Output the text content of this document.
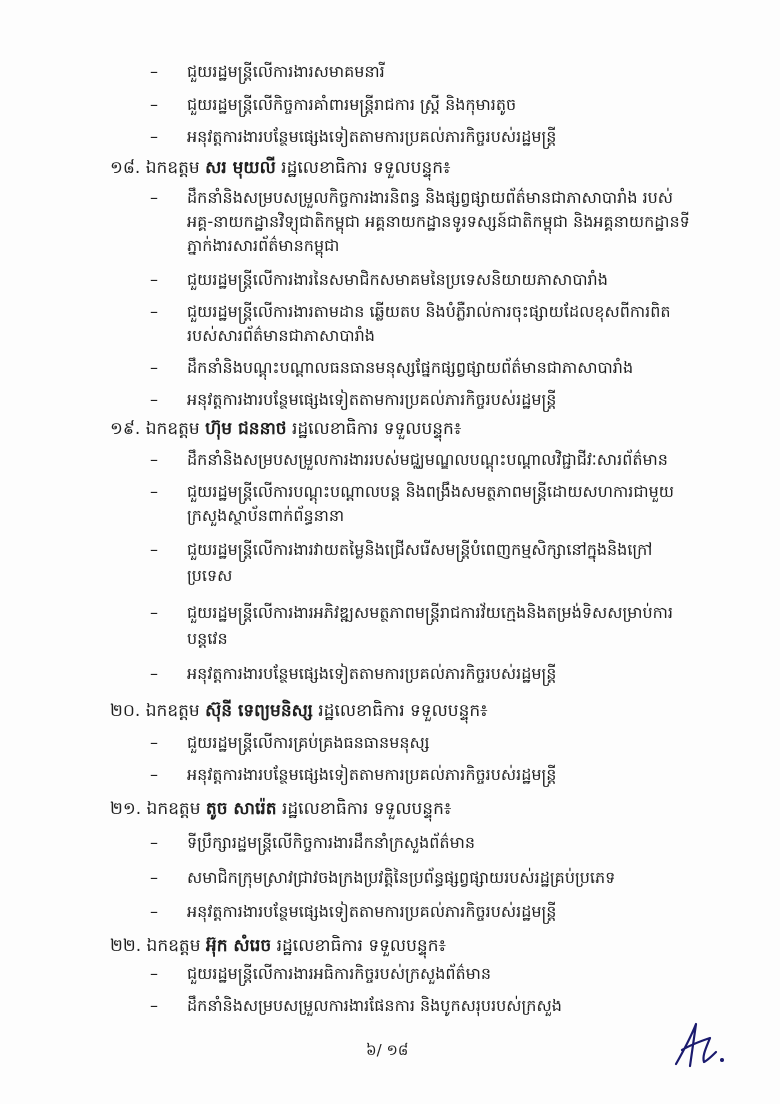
– ជួយរដ្ឋមន្ត្រីលើការងារសមាគមនារី
– ជួយរដ្ឋមន្ត្រីលើកិច្ចការគាំពារមន្ត្រីរាជការ ស្ត្រី និងកុមារតូច
– អនុវត្តការងារបន្ថែមផ្សេងទៀតតាមការប្រគល់ភារកិច្ចរបស់រដ្ឋមន្ត្រី
១៨. ឯកឧត្តម សរ មុយលី រដ្ឋលេខាធិការ ទទួលបន្ទុក៖
– ដឹកនាំនិងសម្របសម្រួលកិច្ចការងារនិពន្ធ និងផ្សព្វផ្សាយព័ត៌មានជាភាសាបារាំង របស់
អគ្គ-នាយកដ្ឋានវិទ្យុជាតិកម្ពុជា អគ្គនាយកដ្ឋានទូរទស្សន៍ជាតិកម្ពុជា និងអគ្គនាយកដ្ឋានទី
ភ្នាក់ងារសារព័ត៌មានកម្ពុជា
– ជួយរដ្ឋមន្ត្រីលើការងារនៃសមាជិកសមាគមនៃប្រទេសនិយាយភាសាបារាំង
– ជួយរដ្ឋមន្ត្រីលើការងារតាមដាន ឆ្លើយតប និងបំភ្លឺរាល់ការចុះផ្សាយដែលខុសពីការពិត
របស់សារព័ត៌មានជាភាសាបារាំង
– ដឹកនាំនិងបណ្តុះបណ្តាលធនធានមនុស្សផ្នែកផ្សព្វផ្សាយព័ត៌មានជាភាសាបារាំង
– អនុវត្តការងារបន្ថែមផ្សេងទៀតតាមការប្រគល់ភារកិច្ចរបស់រដ្ឋមន្ត្រី
១៩. ឯកឧត្តម ហ៊ុម ជននាថ រដ្ឋលេខាធិការ ទទួលបន្ទុក៖
– ដឹកនាំនិងសម្របសម្រួលការងាររបស់មជ្ឈមណ្ឌលបណ្តុះបណ្តាលវិជ្ជាជីវៈសារព័ត៌មាន
– ជួយរដ្ឋមន្ត្រីលើការបណ្តុះបណ្តាលបន្ត និងពង្រឹងសមត្ថភាពមន្ត្រីដោយសហការជាមួយ
ក្រសួងស្ថាប័នពាក់ព័ន្ធនានា
– ជួយរដ្ឋមន្ត្រីលើការងារវាយតម្លៃនិងជ្រើសរើសមន្ត្រីបំពេញកម្មសិក្សានៅក្នុងនិងក្រៅ
ប្រទេស
– ជួយរដ្ឋមន្ត្រីលើការងារអភិវឌ្ឍសមត្ថភាពមន្ត្រីរាជការវ័យក្មេងនិងតម្រង់ទិសសម្រាប់ការ
បន្តវេន
– អនុវត្តការងារបន្ថែមផ្សេងទៀតតាមការប្រគល់ភារកិច្ចរបស់រដ្ឋមន្ត្រី
២០. ឯកឧត្តម ស៊ុនី ទេព្យមនិស្ស រដ្ឋលេខាធិការ ទទួលបន្ទុក៖
– ជួយរដ្ឋមន្ត្រីលើការគ្រប់គ្រងធនធានមនុស្ស
– អនុវត្តការងារបន្ថែមផ្សេងទៀតតាមការប្រគល់ភារកិច្ចរបស់រដ្ឋមន្ត្រី
២១. ឯកឧត្តម តូច សារ៉េត រដ្ឋលេខាធិការ ទទួលបន្ទុក៖
– ទីប្រឹក្សារដ្ឋមន្ត្រីលើកិច្ចការងារដឹកនាំក្រសួងព័ត៌មាន
– សមាជិកក្រុមស្រាវជ្រាវចងក្រងប្រវត្តិនៃប្រព័ន្ធផ្សព្វផ្សាយរបស់រដ្ឋគ្រប់ប្រភេទ
– អនុវត្តការងារបន្ថែមផ្សេងទៀតតាមការប្រគល់ភារកិច្ចរបស់រដ្ឋមន្ត្រី
២២. ឯកឧត្តម អ៊ុក សំរេច រដ្ឋលេខាធិការ ទទួលបន្ទុក៖
– ជួយរដ្ឋមន្ត្រីលើការងារអធិការកិច្ចរបស់ក្រសួងព័ត៌មាន
– ដឹកនាំនិងសម្របសម្រួលការងារផែនការ និងបូកសរុបរបស់ក្រសួង
៦/ ១៨
